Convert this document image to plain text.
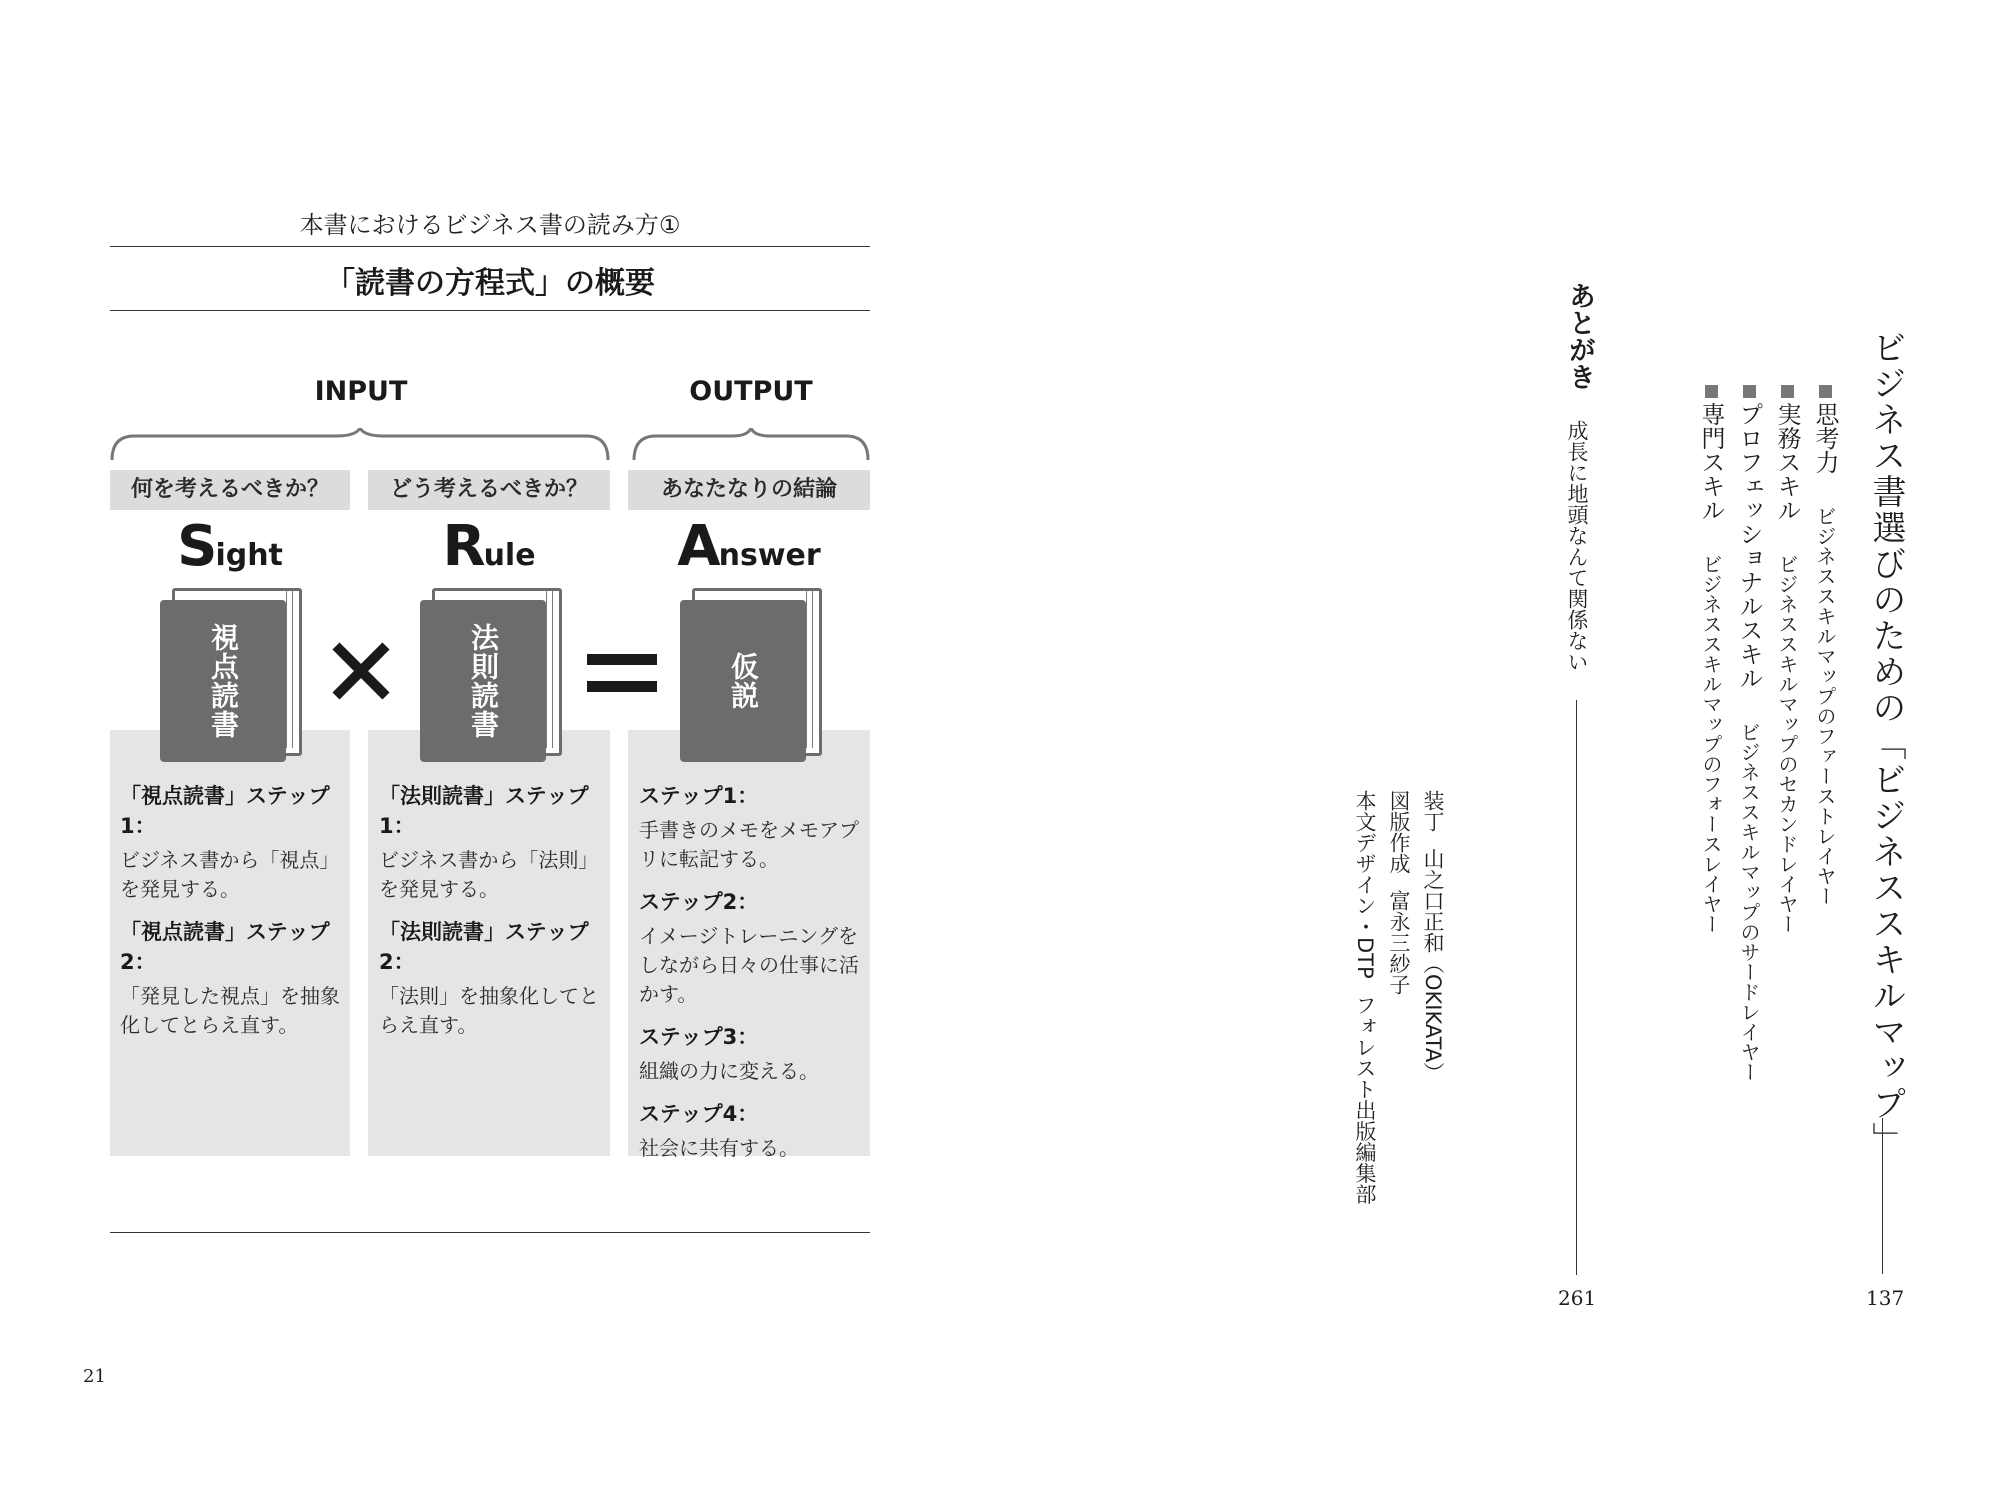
本書におけるビジネス書の読み方①
「読書の方程式」の概要
INPUT	OUTPUT
何を考えるべきか？
Sight
視点読書

「視点読書」ステップ1：

ビジネス書から「視点」を発見する。

「視点読書」ステップ2：

「発見した視点」を抽象化してとらえ直す。

どう考えるべきか？
Rule
法則読書

「法則読書」ステップ1：

ビジネス書から「法則」を発見する。

「法則読書」ステップ2：

「法則」を抽象化してとらえ直す。

あなたなりの結論
Answer
仮説

ステップ1：

手書きのメモをメモアプリに転記する。

ステップ2：

イメージトレーニングをしながら日々の仕事に活かす。

ステップ3：

組織の力に変える。

ステップ4：

社会に共有する。

21
ビジネス書選びのための「ビジネススキルマップ」
137
思考力ビジネススキルマップのファーストレイヤー
実務スキルビジネススキルマップのセカンドレイヤー
プロフェッショナルスキルビジネススキルマップのサードレイヤー
専門スキルビジネススキルマップのフォースレイヤー
あとがき
成長に地頭なんて関係ない
261
装丁山之口正和（OKIKATA）
図版作成富永三紗子
本文デザイン・DTPフォレスト出版編集部
